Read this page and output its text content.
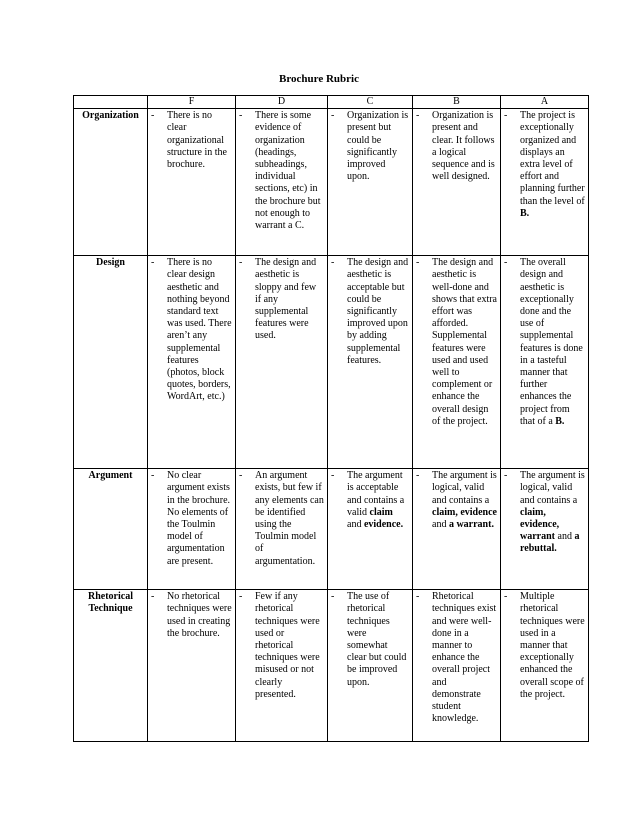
Brochure Rubric
	F	D	C	B	A
Organization	- There is no clear organizational structure in the brochure.	- There is some evidence of organization (headings, subheadings, individual sections, etc) in the brochure but not enough to warrant a C.	- Organization is present but could be significantly improved upon.	- Organization is present and clear. It follows a logical sequence and is well designed.	- The project is exceptionally organized and displays an extra level of effort and planning further than the level of B.

Design	- There is no clear design aesthetic and nothing beyond standard text was used. There aren’t any supplemental features (photos, block quotes, borders, WordArt, etc.)	- The design and aesthetic is sloppy and few if any supplemental features were used.	- The design and aesthetic is acceptable but could be significantly improved upon by adding supplemental features.	- The design and aesthetic is well-done and shows that extra effort was afforded. Supplemental features were used and used well to complement or enhance the overall design of the project.	- The overall design and aesthetic is exceptionally done and the use of supplemental features is done in a tasteful manner that further enhances the project from that of a B.

Argument	- No clear argument exists in the brochure. No elements of the Toulmin model of argumentation are present.	- An argument exists, but few if any elements can be identified using the Toulmin model of argumentation.	- The argument is acceptable and contains a valid claim and evidence.	- The argument is logical, valid and contains a claim, evidence and a warrant.	- The argument is logical, valid and contains a claim, evidence, warrant and a rebuttal.

Rhetorical Technique	- No rhetorical techniques were used in creating the brochure.	- Few if any rhetorical techniques were used or rhetorical techniques were misused or not clearly presented.	- The use of rhetorical techniques were somewhat clear but could be improved upon.	- Rhetorical techniques exist and were well-done in a manner to enhance the overall project and demonstrate student knowledge.	- Multiple rhetorical techniques were used in a manner that exceptionally enhanced the overall scope of the project.
